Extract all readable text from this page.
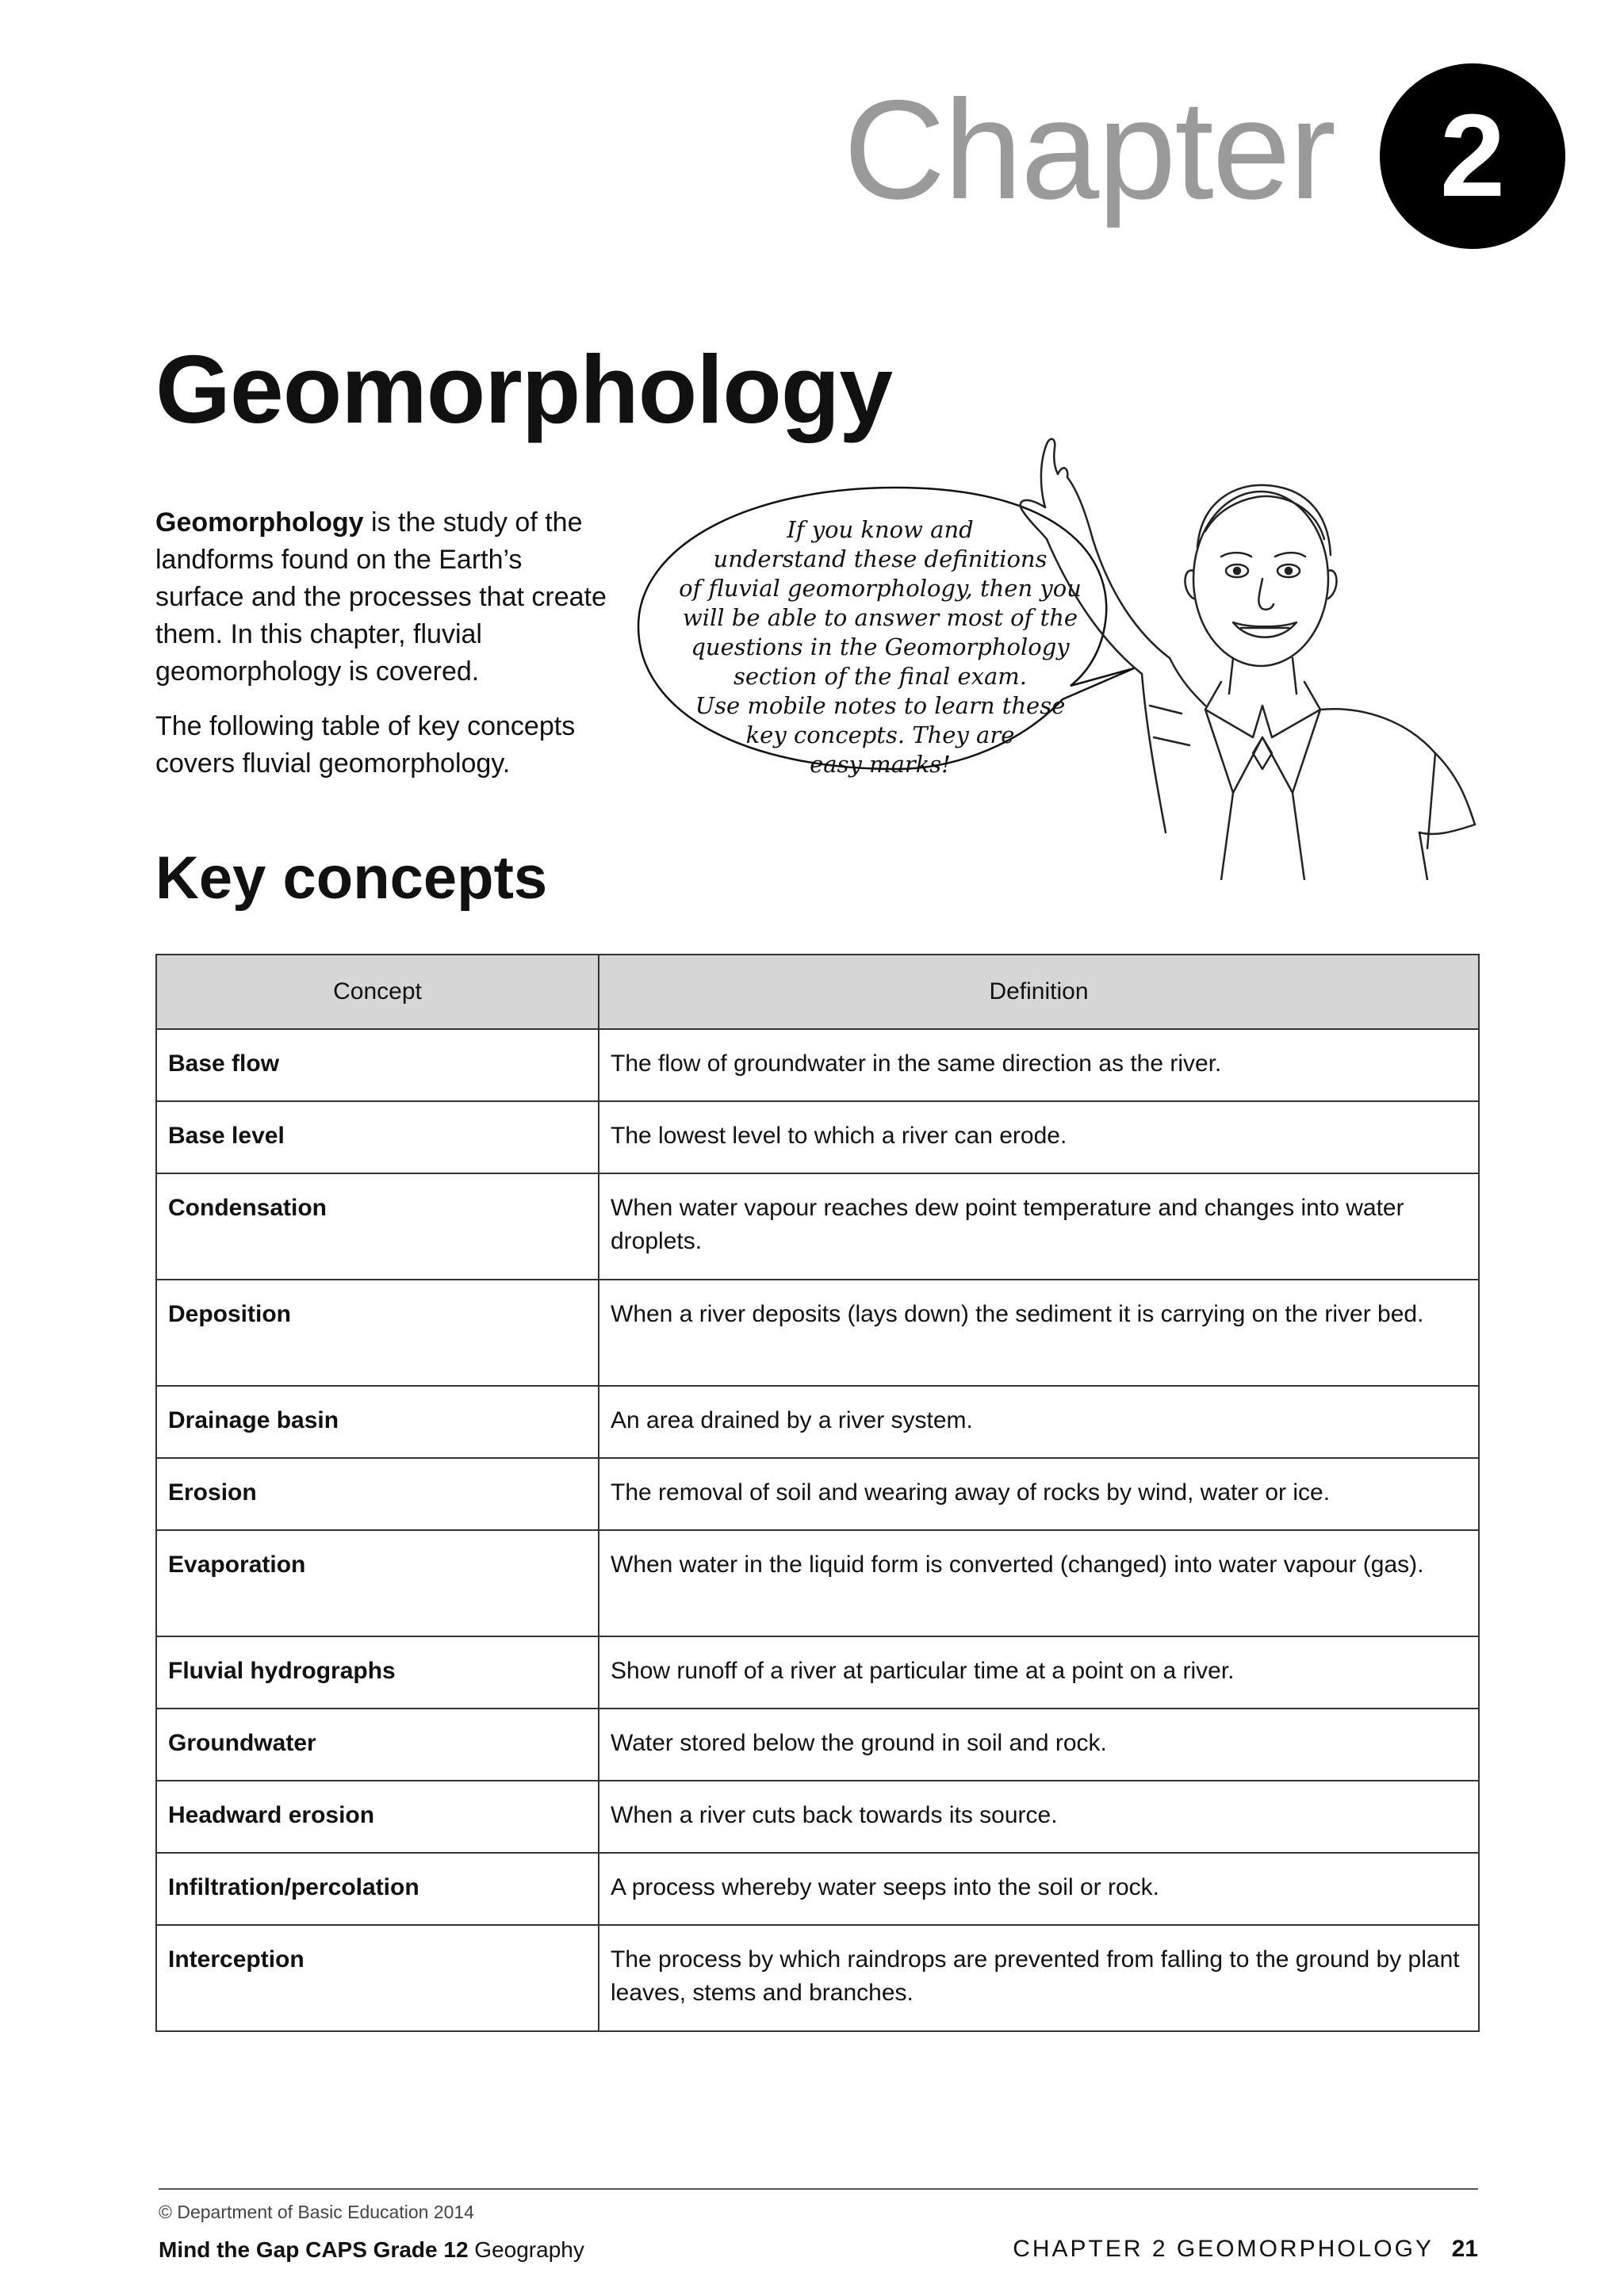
Chapter 2
Geomorphology
Geomorphology is the study of the landforms found on the Earth’s surface and the processes that create them. In this chapter, fluvial geomorphology is covered.
The following table of key concepts covers fluvial geomorphology.
If you know and
understand these definitions
of fluvial geomorphology, then you
will be able to answer most of the
questions in the Geomorphology
section of the final exam.
Use mobile notes to learn these
key concepts. They are
easy marks!
Key concepts
Concept	Definition
Base flow	The flow of groundwater in the same direction as the river.
Base level	The lowest level to which a river can erode.
Condensation	When water vapour reaches dew point temperature and changes into water droplets.
Deposition	When a river deposits (lays down) the sediment it is carrying on the river bed.
Drainage basin	An area drained by a river system.
Erosion	The removal of soil and wearing away of rocks by wind, water or ice.
Evaporation	When water in the liquid form is converted (changed) into water vapour (gas).
Fluvial hydrographs	Show runoff of a river at particular time at a point on a river.
Groundwater	Water stored below the ground in soil and rock.
Headward erosion	When a river cuts back towards its source.
Infiltration/percolation	A process whereby water seeps into the soil or rock.
Interception	The process by which raindrops are prevented from falling to the ground by plant leaves, stems and branches.
© Department of Basic Education 2014
Mind the Gap CAPS Grade 12 Geography	CHAPTER 2 GEOMORPHOLOGY 21
